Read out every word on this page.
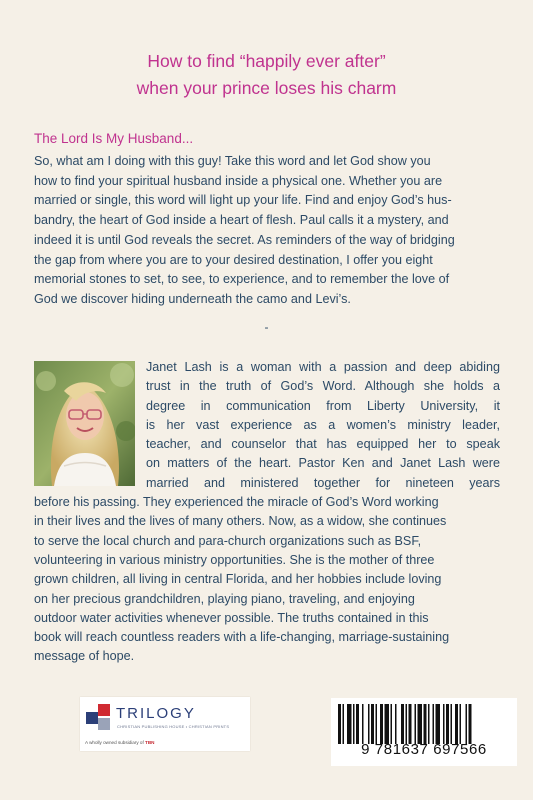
How to find “happily ever after”
when your prince loses his charm
The Lord Is My Husband...
So, what am I doing with this guy! Take this word and let God show you
how to find your spiritual husband inside a physical one. Whether you are
married or single, this word will light up your life. Find and enjoy God’s hus-
bandry, the heart of God inside a heart of flesh. Paul calls it a mystery, and
indeed it is until God reveals the secret. As reminders of the way of bridging
the gap from where you are to your desired destination, I offer you eight
memorial stones to set, to see, to experience, and to remember the love of
God we discover hiding underneath the camo and Levi’s.
-
Janet Lash is a woman with a passion and deep abiding
trust in the truth of God’s Word. Although she holds a
degree in communication from Liberty University, it
is her vast experience as a women’s ministry leader,
teacher, and counselor that has equipped her to speak
on matters of the heart. Pastor Ken and Janet Lash were
married and ministered together for nineteen years
before his passing. They experienced the miracle of God’s Word working
in their lives and the lives of many others. Now, as a widow, she continues
to serve the local church and para-church organizations such as BSF,
volunteering in various ministry opportunities. She is the mother of three
grown children, all living in central Florida, and her hobbies include loving
on her precious grandchildren, playing piano, traveling, and enjoying
outdoor water activities whenever possible. The truths contained in this
book will reach countless readers with a life-changing, marriage-sustaining
message of hope.
TRILOGY
CHRISTIAN PUBLISHING HOUSE • CHRISTIAN PRINTS
A wholly owned subsidiary of TBN	9 781637 697566
